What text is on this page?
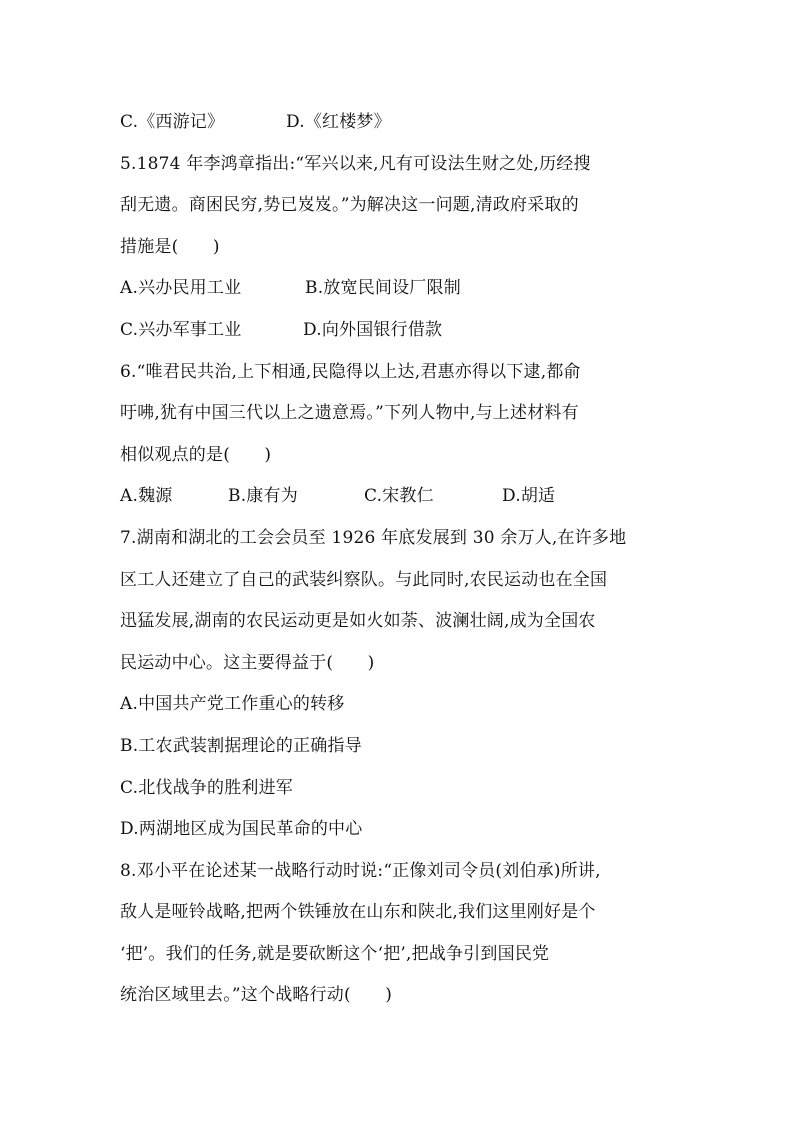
C.《西游记》	D.《红楼梦》
5.1874 年李鸿章指出:“军兴以来,凡有可设法生财之处,历经搜
刮无遗。商困民穷,势已岌岌。”为解决这一问题,清政府采取的
措施是(　　)
A.兴办民用工业	B.放宽民间设厂限制
C.兴办军事工业	D.向外国银行借款
6.“唯君民共治,上下相通,民隐得以上达,君惠亦得以下逮,都俞
吁咈,犹有中国三代以上之遗意焉。”下列人物中,与上述材料有
相似观点的是(　　)
A.魏源	B.康有为	C.宋教仁	D.胡适
7.湖南和湖北的工会会员至 1926 年底发展到 30 余万人,在许多地
区工人还建立了自己的武装纠察队。与此同时,农民运动也在全国
迅猛发展,湖南的农民运动更是如火如荼、波澜壮阔,成为全国农
民运动中心。这主要得益于(　　)
A.中国共产党工作重心的转移
B.工农武装割据理论的正确指导
C.北伐战争的胜利进军
D.两湖地区成为国民革命的中心
8.邓小平在论述某一战略行动时说:“正像刘司令员(刘伯承)所讲,
敌人是哑铃战略,把两个铁锤放在山东和陕北,我们这里刚好是个
‘把’。我们的任务,就是要砍断这个‘把’,把战争引到国民党
统治区域里去。”这个战略行动(　　)
